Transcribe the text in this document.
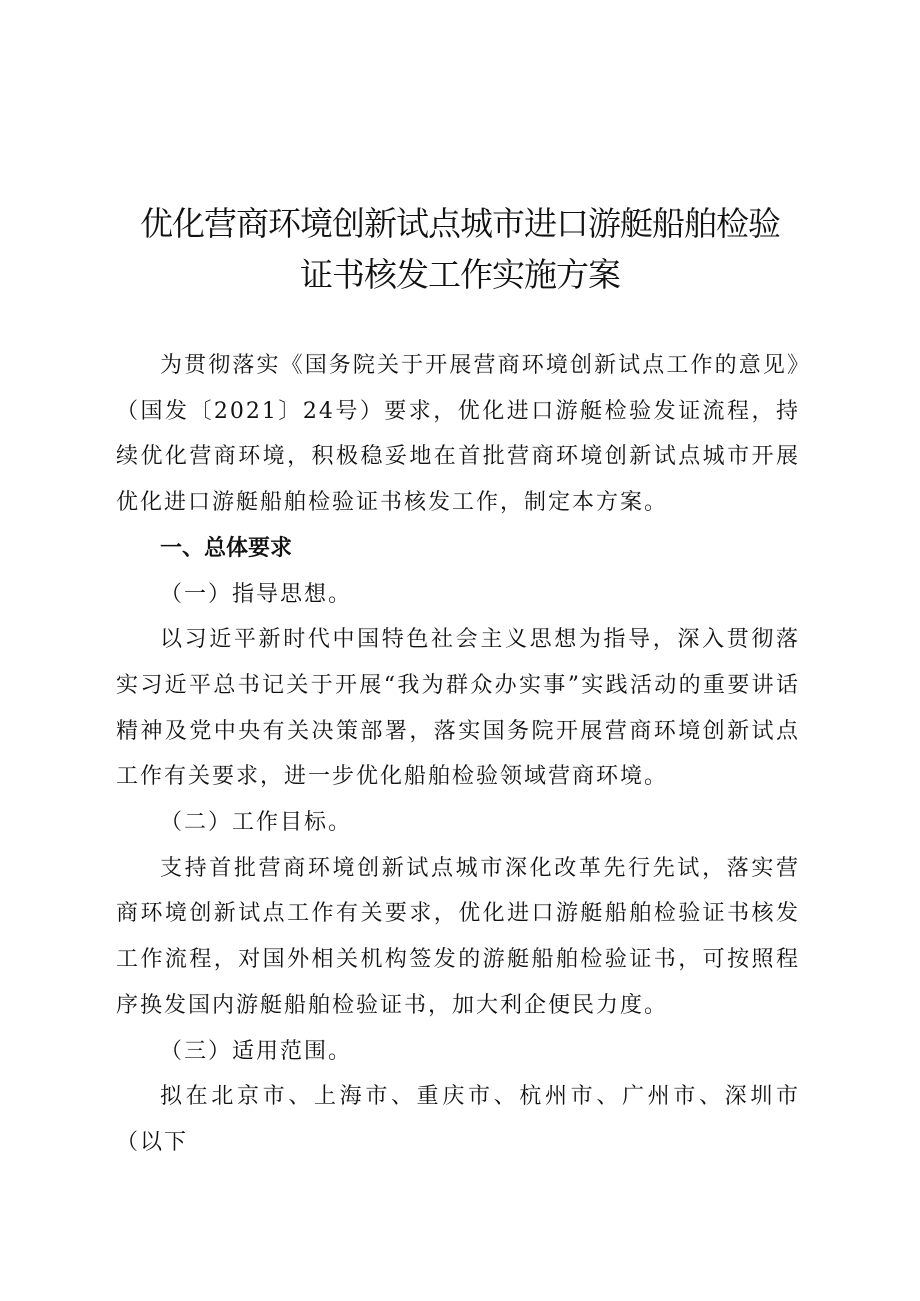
优化营商环境创新试点城市进口游艇船舶检验
证书核发工作实施方案

为贯彻落实《国务院关于开展营商环境创新试点工作的意见》（国发〔2021〕24号）要求，优化进口游艇检验发证流程，持续优化营商环境，积极稳妥地在首批营商环境创新试点城市开展优化进口游艇船舶检验证书核发工作，制定本方案。

一、总体要求

（一）指导思想。

以习近平新时代中国特色社会主义思想为指导，深入贯彻落实习近平总书记关于开展“我为群众办实事”实践活动的重要讲话精神及党中央有关决策部署，落实国务院开展营商环境创新试点工作有关要求，进一步优化船舶检验领域营商环境。

（二）工作目标。

支持首批营商环境创新试点城市深化改革先行先试，落实营商环境创新试点工作有关要求，优化进口游艇船舶检验证书核发工作流程，对国外相关机构签发的游艇船舶检验证书，可按照程序换发国内游艇船舶检验证书，加大利企便民力度。

（三）适用范围。

拟在北京市、上海市、重庆市、杭州市、广州市、深圳市（以下
